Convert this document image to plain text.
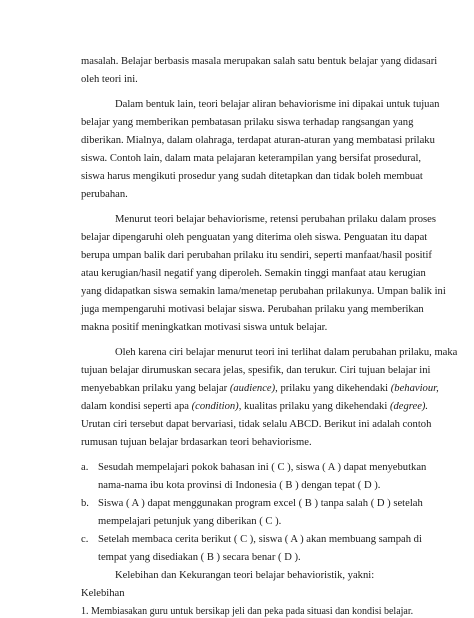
masalah. Belajar berbasis masala merupakan salah satu bentuk belajar yang didasari
oleh teori ini.
Dalam bentuk lain, teori belajar aliran behaviorisme ini dipakai untuk tujuan
belajar yang memberikan pembatasan prilaku siswa terhadap rangsangan yang
diberikan. Mialnya, dalam olahraga, terdapat aturan-aturan yang membatasi prilaku
siswa. Contoh lain, dalam mata pelajaran keterampilan yang bersifat prosedural,
siswa harus mengikuti prosedur yang sudah ditetapkan dan tidak boleh membuat
perubahan.
Menurut teori belajar behaviorisme, retensi perubahan prilaku dalam proses
belajar dipengaruhi oleh penguatan yang diterima oleh siswa. Penguatan itu dapat
berupa umpan balik dari perubahan prilaku itu sendiri, seperti manfaat/hasil positif
atau kerugian/hasil negatif yang diperoleh. Semakin tinggi manfaat atau kerugian
yang didapatkan siswa semakin lama/menetap perubahan prilakunya. Umpan balik ini
juga mempengaruhi motivasi belajar siswa. Perubahan prilaku yang memberikan
makna positif meningkatkan motivasi siswa untuk belajar.
Oleh karena ciri belajar menurut teori ini terlihat dalam perubahan prilaku, maka
tujuan belajar dirumuskan secara jelas, spesifik, dan terukur. Ciri tujuan belajar ini
menyebabkan prilaku yang belajar (audience), prilaku yang dikehendaki (behaviour,
dalam kondisi seperti apa (condition), kualitas prilaku yang dikehendaki (degree).
Urutan ciri tersebut dapat bervariasi, tidak selalu ABCD. Berikut ini adalah contoh
rumusan tujuan belajar brdasarkan teori behaviorisme.
a. Sesudah mempelajari pokok bahasan ini ( C ), siswa ( A ) dapat menyebutkan
nama-nama ibu kota provinsi di Indonesia ( B ) dengan tepat ( D ).
b. Siswa ( A ) dapat menggunakan program excel ( B ) tanpa salah ( D ) setelah
mempelajari petunjuk yang diberikan ( C ).
c. Setelah membaca cerita berikut ( C ), siswa ( A ) akan membuang sampah di
tempat yang disediakan ( B ) secara benar ( D ).
Kelebihan dan Kekurangan teori belajar behavioristik, yakni:
Kelebihan
1. Membiasakan guru untuk bersikap jeli dan peka pada situasi dan kondisi belajar.
